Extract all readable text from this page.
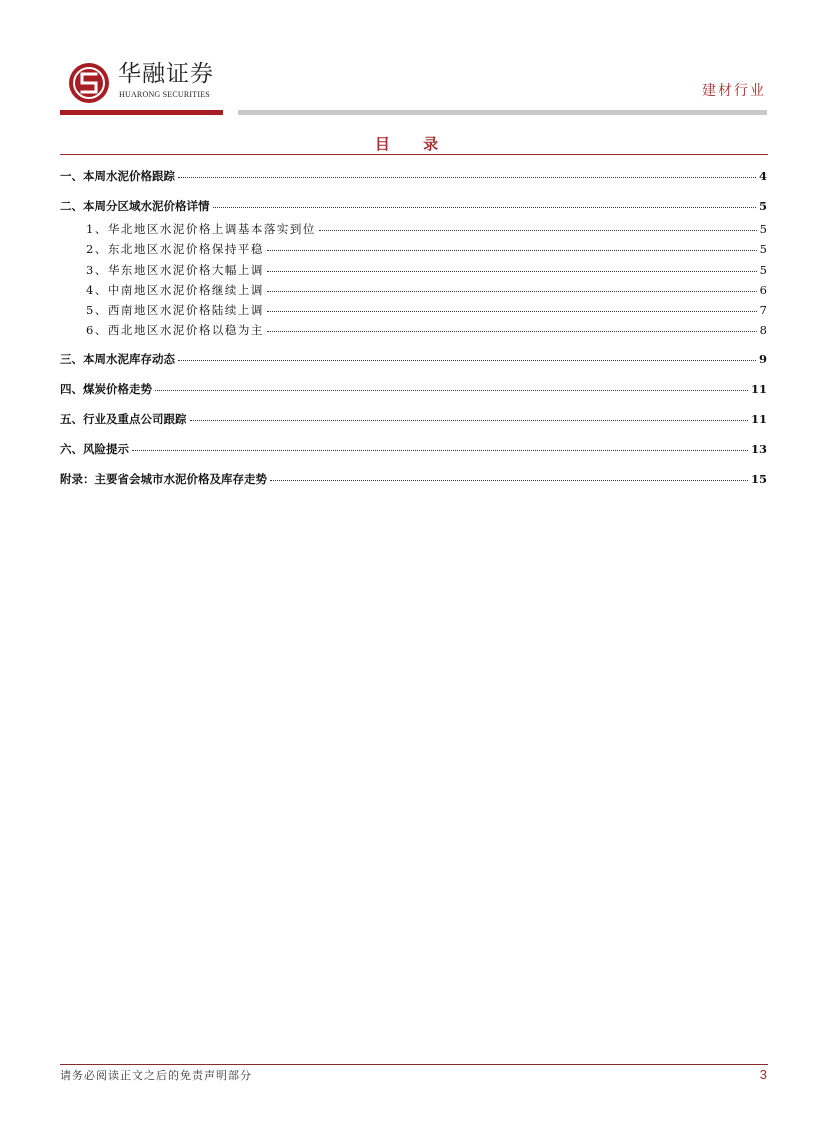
华融证券
HUARONG SECURITIES	建材行业
目 录
一、本周水泥价格跟踪	4
二、本周分区域水泥价格详情	5
1、华北地区水泥价格上调基本落实到位	5
2、东北地区水泥价格保持平稳	5
3、华东地区水泥价格大幅上调	5
4、中南地区水泥价格继续上调	6
5、西南地区水泥价格陆续上调	7
6、西北地区水泥价格以稳为主	8
三、本周水泥库存动态	9
四、煤炭价格走势	11
五、行业及重点公司跟踪	11
六、风险提示	13
附录：主要省会城市水泥价格及库存走势	15
请务必阅读正文之后的免责声明部分	3
